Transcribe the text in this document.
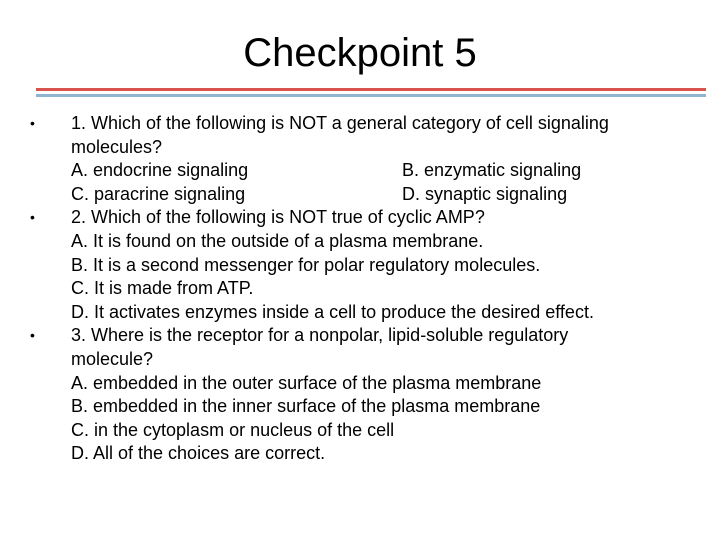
Checkpoint 5
• 1. Which of the following is NOT a general category of cell signaling
molecules?
A. endocrine signaling	B. enzymatic signaling
C. paracrine signaling	D. synaptic signaling
• 2. Which of the following is NOT true of cyclic AMP?
A. It is found on the outside of a plasma membrane.
B. It is a second messenger for polar regulatory molecules.
C. It is made from ATP.
D. It activates enzymes inside a cell to produce the desired effect.
• 3. Where is the receptor for a nonpolar, lipid-soluble regulatory
molecule?
A. embedded in the outer surface of the plasma membrane
B. embedded in the inner surface of the plasma membrane
C. in the cytoplasm or nucleus of the cell
D. All of the choices are correct.
